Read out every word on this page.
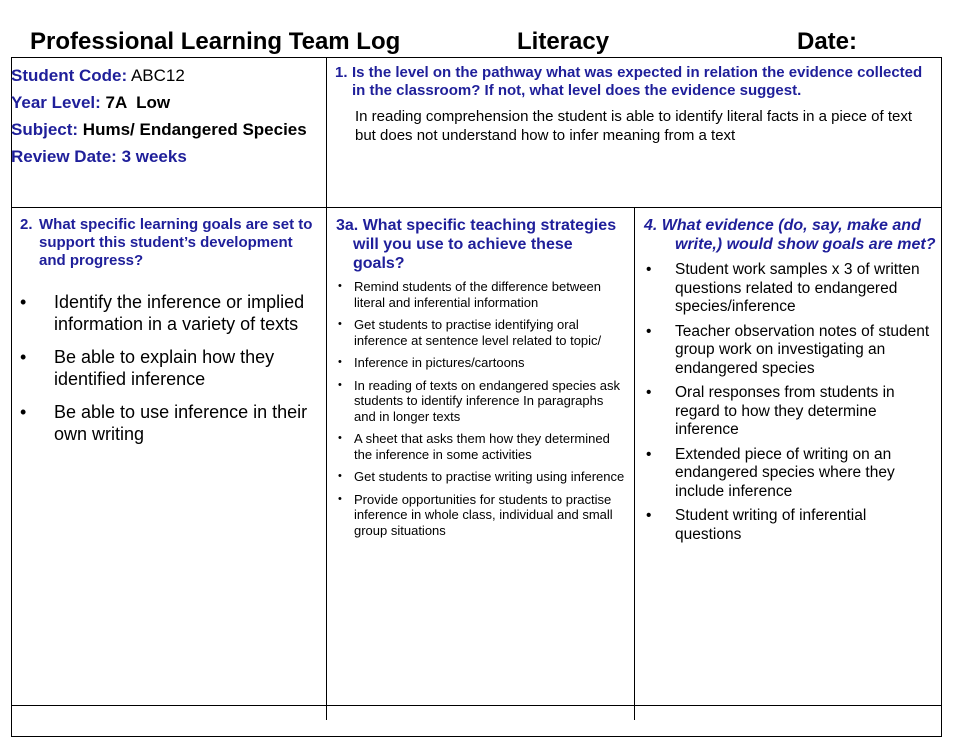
Professional Learning Team Log	Literacy	Date:
Student Code: ABC12
Year Level: 7A  Low
Subject: Hums/ Endangered Species
Review Date: 3 weeks
1. Is the level on the pathway what was expected in relation the evidence collected in the classroom? If not, what level does the evidence suggest.
In reading comprehension the student is able to identify literal facts in a piece of text but does not understand how to infer meaning from a text
2. What specific learning goals are set to support this student’s development and progress?
• Identify the inference or implied information in a variety of texts
• Be able to explain how they identified inference
• Be able to use inference in their own writing
3a. What specific teaching strategies will you use to achieve these goals?
• Remind students of the difference between literal and inferential information
• Get students to practise identifying oral inference at sentence level related to topic/
• Inference in pictures/cartoons
• In reading of texts on endangered species ask students to identify inference In paragraphs and in longer texts
• A sheet that asks them how they determined the inference in some activities
• Get students to practise writing using inference
• Provide opportunities for students to practise inference in whole class, individual and small group situations
4. What evidence (do, say, make and write,) would show goals are met?
• Student work samples x 3 of written questions related to endangered species/inference
• Teacher observation notes of student group work on investigating an endangered species
• Oral responses from students in regard to how they determine inference
• Extended piece of writing on an endangered species where they include inference
• Student writing of inferential questions
